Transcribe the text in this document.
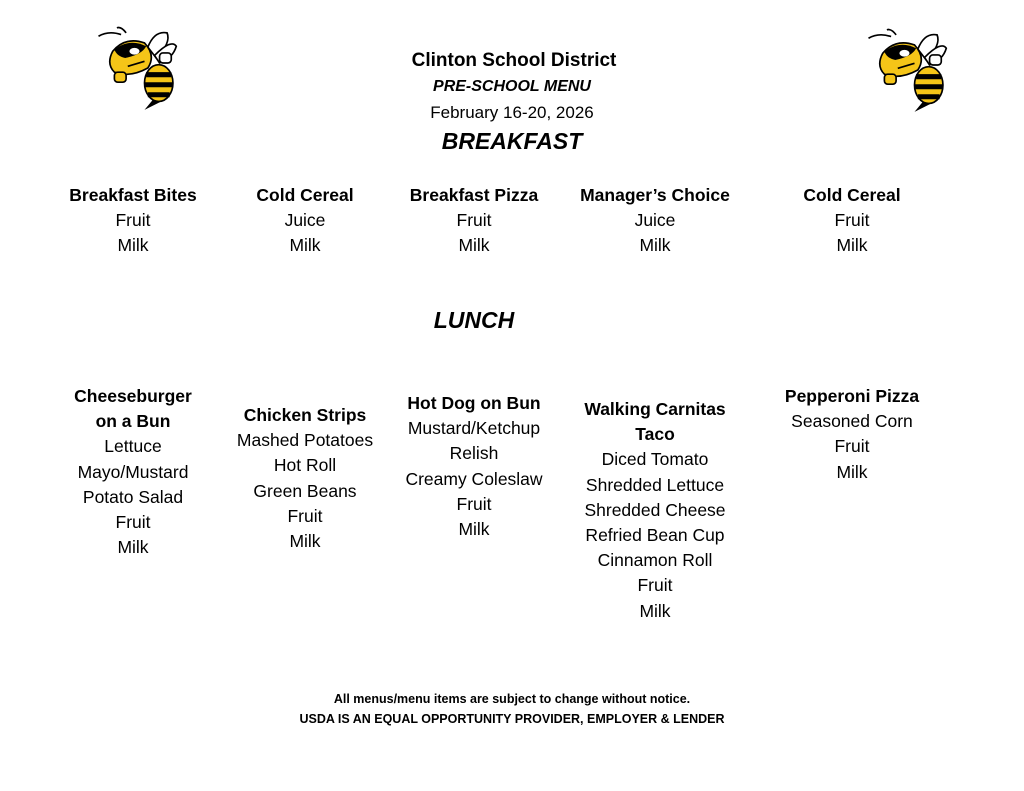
Clinton School District
PRE-SCHOOL MENU
February 16-20, 2026
BREAKFAST
LUNCH
Breakfast Bites
Fruit
Milk
Cold Cereal
Juice
Milk
Breakfast Pizza
Fruit
Milk
Manager’s Choice
Juice
Milk
Cold Cereal
Fruit
Milk
Cheeseburger
on a Bun
Lettuce
Mayo/Mustard
Potato Salad
Fruit
Milk
Chicken Strips
Mashed Potatoes
Hot Roll
Green Beans
Fruit
Milk
Hot Dog on Bun
Mustard/Ketchup
Relish
Creamy Coleslaw
Fruit
Milk
Walking Carnitas
Taco
Diced Tomato
Shredded Lettuce
Shredded Cheese
Refried Bean Cup
Cinnamon Roll
Fruit
Milk
Pepperoni Pizza
Seasoned Corn
Fruit
Milk
All menus/menu items are subject to change without notice.
USDA IS AN EQUAL OPPORTUNITY PROVIDER, EMPLOYER & LENDER
